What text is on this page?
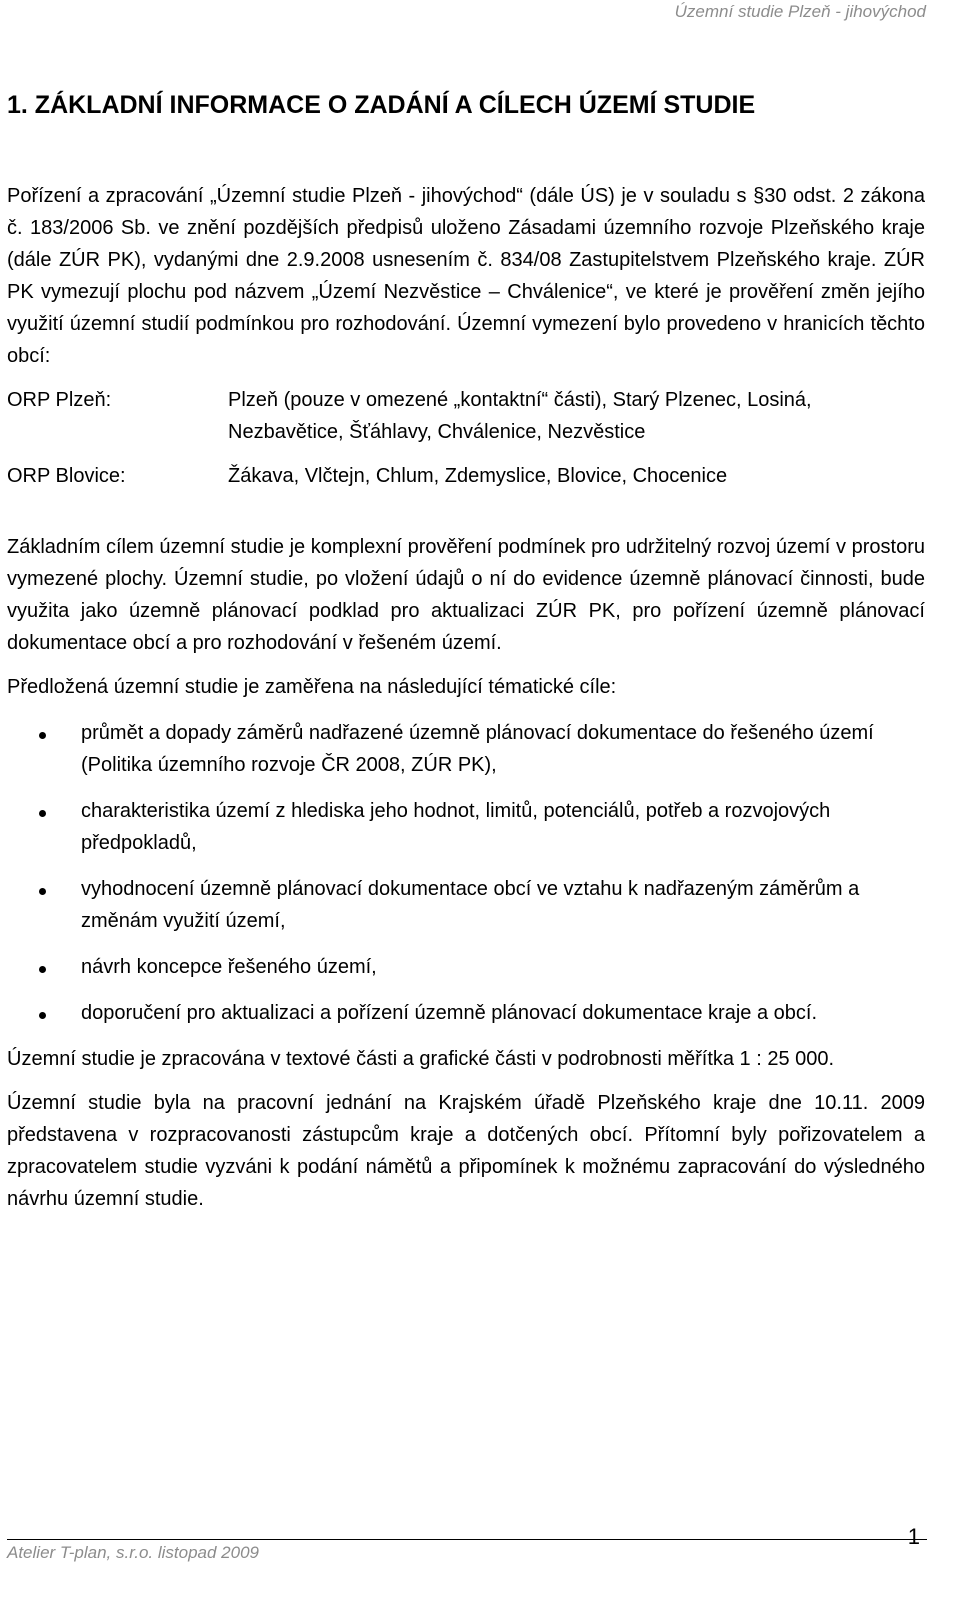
Územní studie Plzeň - jihovýchod
1. ZÁKLADNÍ INFORMACE O ZADÁNÍ A CÍLECH ÚZEMÍ STUDIE

Pořízení a zpracování „Územní studie Plzeň - jihovýchod“ (dále ÚS) je v souladu s §30 odst. 2 zákona č. 183/2006 Sb. ve znění pozdějších předpisů uloženo Zásadami územního rozvoje Plzeňského kraje (dále ZÚR PK), vydanými dne 2.9.2008 usnesením č. 834/08 Zastupitelstvem Plzeňského kraje. ZÚR PK vymezují plochu pod názvem „Území Nezvěstice – Chválenice“, ve které je prověření změn jejího využití územní studií podmínkou pro rozhodování. Územní vymezení bylo provedeno v hranicích těchto obcí:

ORP Plzeň:	Plzeň (pouze v omezené „kontaktní“ části), Starý Plzenec, Losiná, Nezbavětice, Šťáhlavy, Chválenice, Nezvěstice
ORP Blovice:	Žákava, Vlčtejn, Chlum, Zdemyslice, Blovice, Chocenice

Základním cílem územní studie je komplexní prověření podmínek pro udržitelný rozvoj území v prostoru vymezené plochy. Územní studie, po vložení údajů o ní do evidence územně plánovací činnosti, bude využita jako územně plánovací podklad pro aktualizaci ZÚR PK, pro pořízení územně plánovací dokumentace obcí a pro rozhodování v řešeném území.

Předložená územní studie je zaměřena na následující tématické cíle:

průmět a dopady záměrů nadřazené územně plánovací dokumentace do řešeného území (Politika územního rozvoje ČR 2008, ZÚR PK),
charakteristika území z hlediska jeho hodnot, limitů, potenciálů, potřeb a rozvojových předpokladů,
vyhodnocení územně plánovací dokumentace obcí ve vztahu k nadřazeným záměrům a změnám využití území,
návrh koncepce řešeného území,
doporučení pro aktualizaci a pořízení územně plánovací dokumentace kraje a obcí.

Územní studie je zpracována v textové části a grafické části v podrobnosti měřítka 1 : 25 000.

Územní studie byla na pracovní jednání na Krajském úřadě Plzeňského kraje dne 10.11. 2009 představena v rozpracovanosti zástupcům kraje a dotčených obcí. Přítomní byly pořizovatelem a zpracovatelem studie vyzváni k podání námětů a připomínek k možnému zapracování do výsledného návrhu územní studie.

Atelier T-plan, s.r.o. listopad 2009
1
